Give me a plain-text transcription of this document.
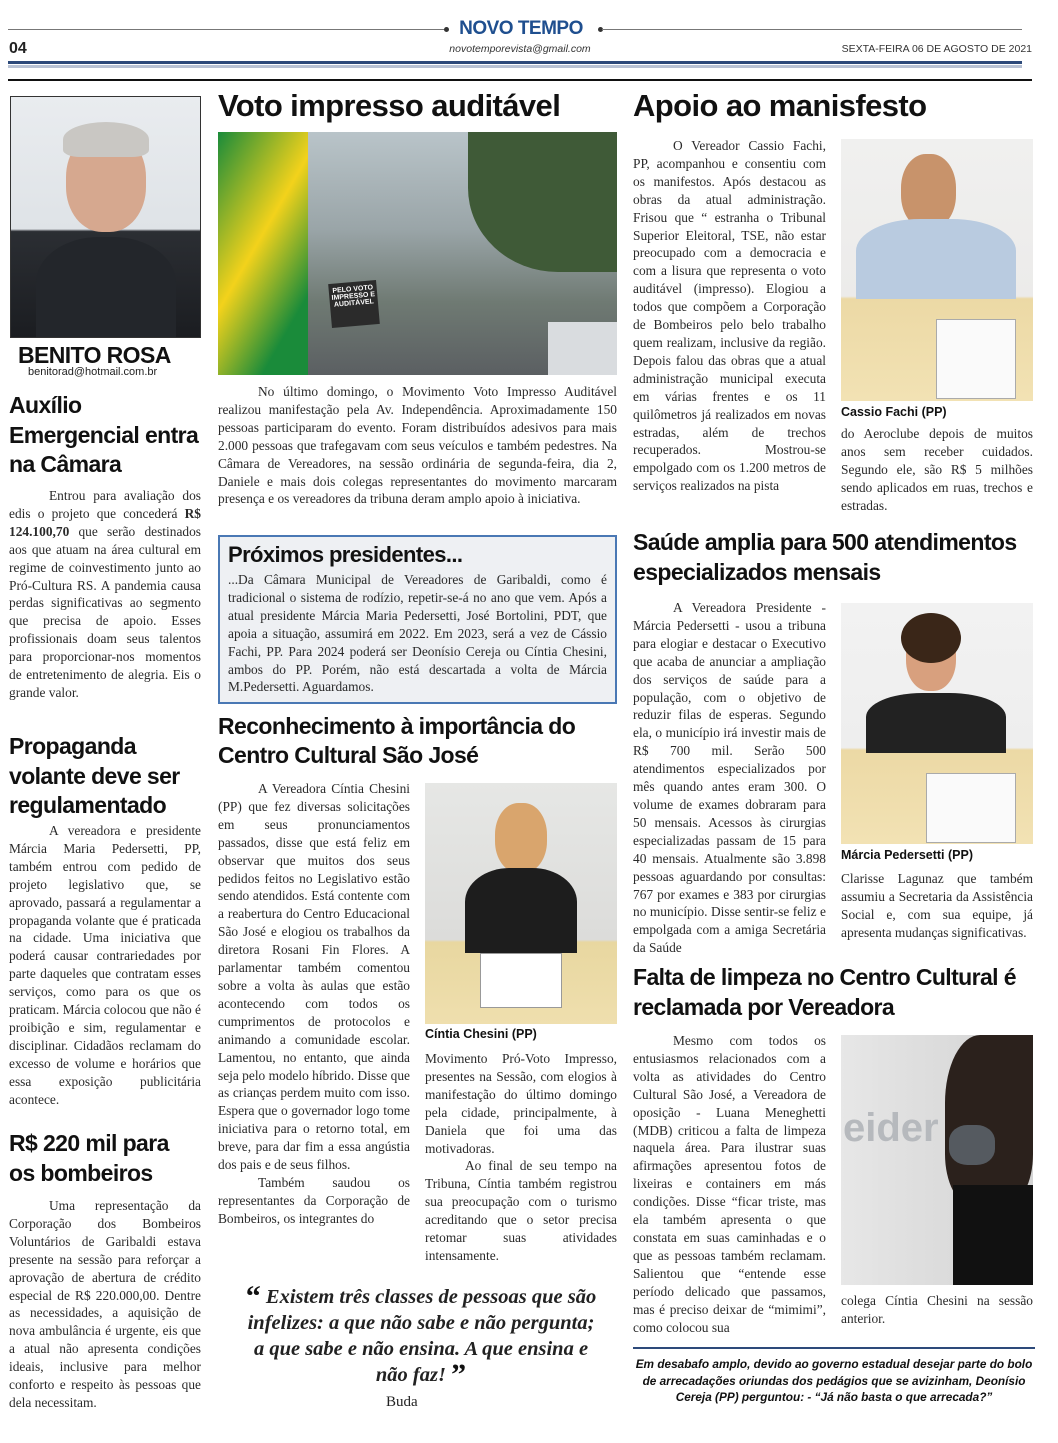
NOVO TEMPO
04	novotemporevista@gmail.com	SEXTA-FEIRA 06 DE AGOSTO DE 2021
BENITO ROSA
benitorad@hotmail.com.br
Auxílio Emergencial entra na Câmara

Entrou para avaliação dos edis o projeto que concederá R$ 124.100,70 que serão destinados aos que atuam na área cultural em regime de coinvestimento junto ao Pró-Cultura RS. A pandemia causa perdas significativas ao segmento que precisa de apoio. Esses profissionais doam seus talentos para proporcionar-nos momentos de entretenimento de alegria. Eis o grande valor.

Propaganda volante deve ser regulamentado

A vereadora e presidente Márcia Maria Pedersetti, PP, também entrou com pedido de projeto legislativo que, se aprovado, passará a regulamentar a propaganda volante que é praticada na cidade. Uma iniciativa que poderá causar contrariedades por parte daqueles que contratam esses serviços, como para os que os praticam. Márcia colocou que não é proibição e sim, regulamentar e disciplinar. Cidadãos reclamam do excesso de volume e horários que essa exposição publicitária acontece.

R$ 220 mil para os bombeiros

Uma representação da Corporação dos Bombeiros Voluntários de Garibaldi estava presente na sessão para reforçar a aprovação de abertura de crédito especial de R$ 220.000,00. Dentre as necessidades, a aquisição de nova ambulância é urgente, eis que a atual não apresenta condições ideais, inclusive para melhor conforto e respeito às pessoas que dela necessitam.

Voto impresso auditável
PELO VOTO IMPRESSO E AUDITÁVEL

No último domingo, o Movimento Voto Impresso Auditável realizou manifestação pela Av. Independência. Aproximadamente 150 pessoas participaram do evento. Foram distribuídos adesivos para mais 2.000 pessoas que trafegavam com seus veículos e também pedestres. Na Câmara de Vereadores, na sessão ordinária de segunda-feira, dia 2, Daniele e mais dois colegas representantes do movimento marcaram presença e os vereadores da tribuna deram amplo apoio à iniciativa.

Próximos presidentes...
...Da Câmara Municipal de Vereadores de Garibaldi, como é tradicional o sistema de rodízio, repetir-se-á no ano que vem. Após a atual presidente Márcia Maria Pedersetti, José Bortolini, PDT, que apoia a situação, assumirá em 2022. Em 2023, será a vez de Cássio Fachi, PP. Para 2024 poderá ser Deonísio Cereja ou Cíntia Chesini, ambos do PP. Porém, não está descartada a volta de Márcia M.Pedersetti. Aguardamos.
Reconhecimento à importância do Centro Cultural São José

A Vereadora Cíntia Chesini (PP) que fez diversas solicitações em seus pronunciamentos passados, disse que está feliz em observar que muitos dos seus pedidos feitos no Legislativo estão sendo atendidos. Está contente com a reabertura do Centro Educacional São José e elogiou os trabalhos da diretora Rosani Fin Flores. A parlamentar também comentou sobre a volta às aulas que estão acontecendo com todos os cumprimentos de protocolos e animando a comunidade escolar. Lamentou, no entanto, que ainda seja pelo modelo híbrido. Disse que as crianças perdem muito com isso. Espera que o governador logo tome iniciativa para o retorno total, em breve, para dar fim a essa angústia dos pais e de seus filhos.

Também saudou os representantes da Corporação de Bombeiros, os integrantes do

Cíntia Chesini (PP)

Movimento Pró-Voto Impresso, presentes na Sessão, com elogios à manifestação do último domingo pela cidade, principalmente, à Daniela que foi uma das motivadoras.

Ao final de seu tempo na Tribuna, Cíntia também registrou sua preocupação com o turismo acreditando que o setor precisa retomar suas atividades intensamente.

“ Existem três classes de pessoas que são infelizes: a que não sabe e não pergunta; a que sabe e não ensina. A que ensina e não faz! ”
Buda
Apoio ao manisfesto

O Vereador Cassio Fachi, PP, acompanhou e consentiu com os manifestos. Após destacou as obras da atual administração. Frisou que “ estranha o Tribunal Superior Eleitoral, TSE, não estar preocupado com a democracia e com a lisura que representa o voto auditável (impresso). Elogiou a todos que compõem a Corporação de Bombeiros pelo belo trabalho quem realizam, inclusive da região. Depois falou das obras que a atual administração municipal executa em várias frentes e os 11 quilômetros já realizados em novas estradas, além de trechos recuperados. Mostrou-se empolgado com os 1.200 metros de serviços realizados na pista

Cassio Fachi (PP)

do Aeroclube depois de muitos anos sem receber cuidados. Segundo ele, são R$ 5 milhões sendo aplicados em ruas, trechos e estradas.

Saúde amplia para 500 atendimentos especializados mensais

A Vereadora Presidente - Márcia Pedersetti - usou a tribuna para elogiar e destacar o Executivo que acaba de anunciar a ampliação dos serviços de saúde para a população, com o objetivo de reduzir filas de esperas. Segundo ela, o município irá investir mais de R$ 700 mil. Serão 500 atendimentos especializados por mês quando antes eram 300. O volume de exames dobraram para 50 mensais. Acessos às cirurgias especializadas passam de 15 para 40 mensais. Atualmente são 3.898 pessoas aguardando por consultas: 767 por exames e 383 por cirurgias no município. Disse sentir-se feliz e empolgada com a amiga Secretária da Saúde

Márcia Pedersetti (PP)

Clarisse Lagunaz que também assumiu a Secretaria da Assistência Social e, com sua equipe, já apresenta mudanças significativas.

Falta de limpeza no Centro Cultural é reclamada por Vereadora

Mesmo com todos os entusiasmos relacionados com a volta as atividades do Centro Cultural São José, a Vereadora de oposição - Luana Meneghetti (MDB) criticou a falta de limpeza naquela área. Para ilustrar suas afirmações apresentou fotos de lixeiras e containers em más condições. Disse “ficar triste, mas ela também apresenta o que constata em suas caminhadas e o que as pessoas também reclamam. Salientou que “entende esse período delicado que passamos, mas é preciso deixar de “mimimi”, como colocou sua

eider

colega Cíntia Chesini na sessão anterior.

Em desabafo amplo, devido ao governo estadual desejar parte do bolo de arrecadações oriundas dos pedágios que se avizinham, Deonísio Cereja (PP) perguntou: - “Já não basta o que arrecada?”
